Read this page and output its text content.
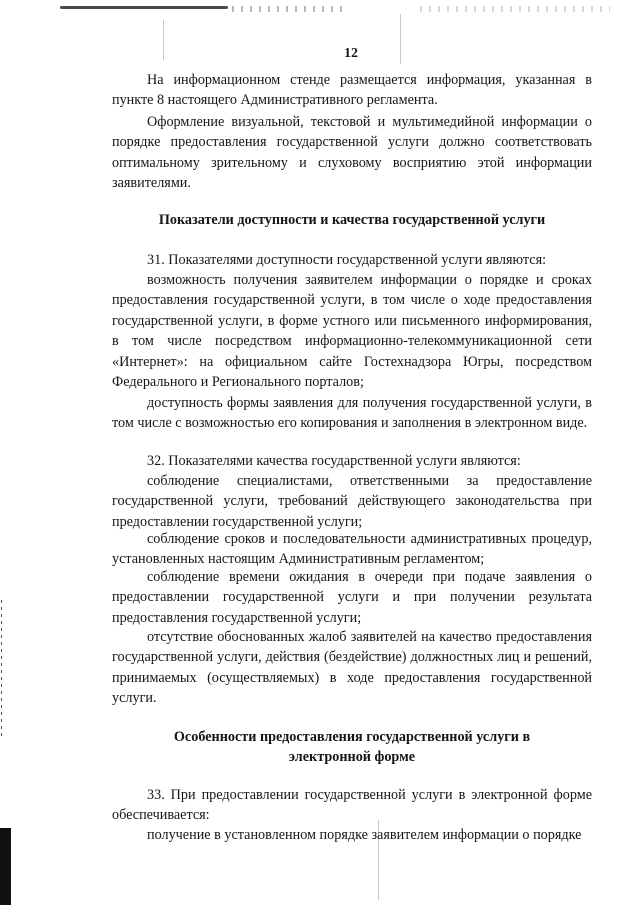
12

На информационном стенде размещается информация, указанная в пункте 8 настоящего Административного регламента.

Оформление визуальной, текстовой и мультимедийной информации о порядке предоставления государственной услуги должно соответствовать оптимальному зрительному и слуховому восприятию этой информации заявителями.

Показатели доступности и качества государственной услуги

31. Показателями доступности государственной услуги являются:

возможность получения заявителем информации о порядке и сроках предоставления государственной услуги, в том числе о ходе предоставления государственной услуги, в форме устного или письменного информирования, в том числе посредством информационно-телекоммуникационной сети «Интернет»: на официальном сайте Гостехнадзора Югры, посредством Федерального и Регионального порталов;

доступность формы заявления для получения государственной услуги, в том числе с возможностью его копирования и заполнения в электронном виде.

32. Показателями качества государственной услуги являются:

соблюдение специалистами, ответственными за предоставление государственной услуги, требований действующего законодательства при предоставлении государственной услуги;

соблюдение сроков и последовательности административных процедур, установленных настоящим Административным регламентом;

соблюдение времени ожидания в очереди при подаче заявления о предоставлении государственной услуги и при получении результата предоставления государственной услуги;

отсутствие обоснованных жалоб заявителей на качество предоставления государственной услуги, действия (бездействие) должностных лиц и решений, принимаемых (осуществляемых) в ходе предоставления государственной услуги.

Особенности предоставления государственной услуги в электронной форме

33. При предоставлении государственной услуги в электронной форме обеспечивается:

получение в установленном порядке заявителем информации о порядке
